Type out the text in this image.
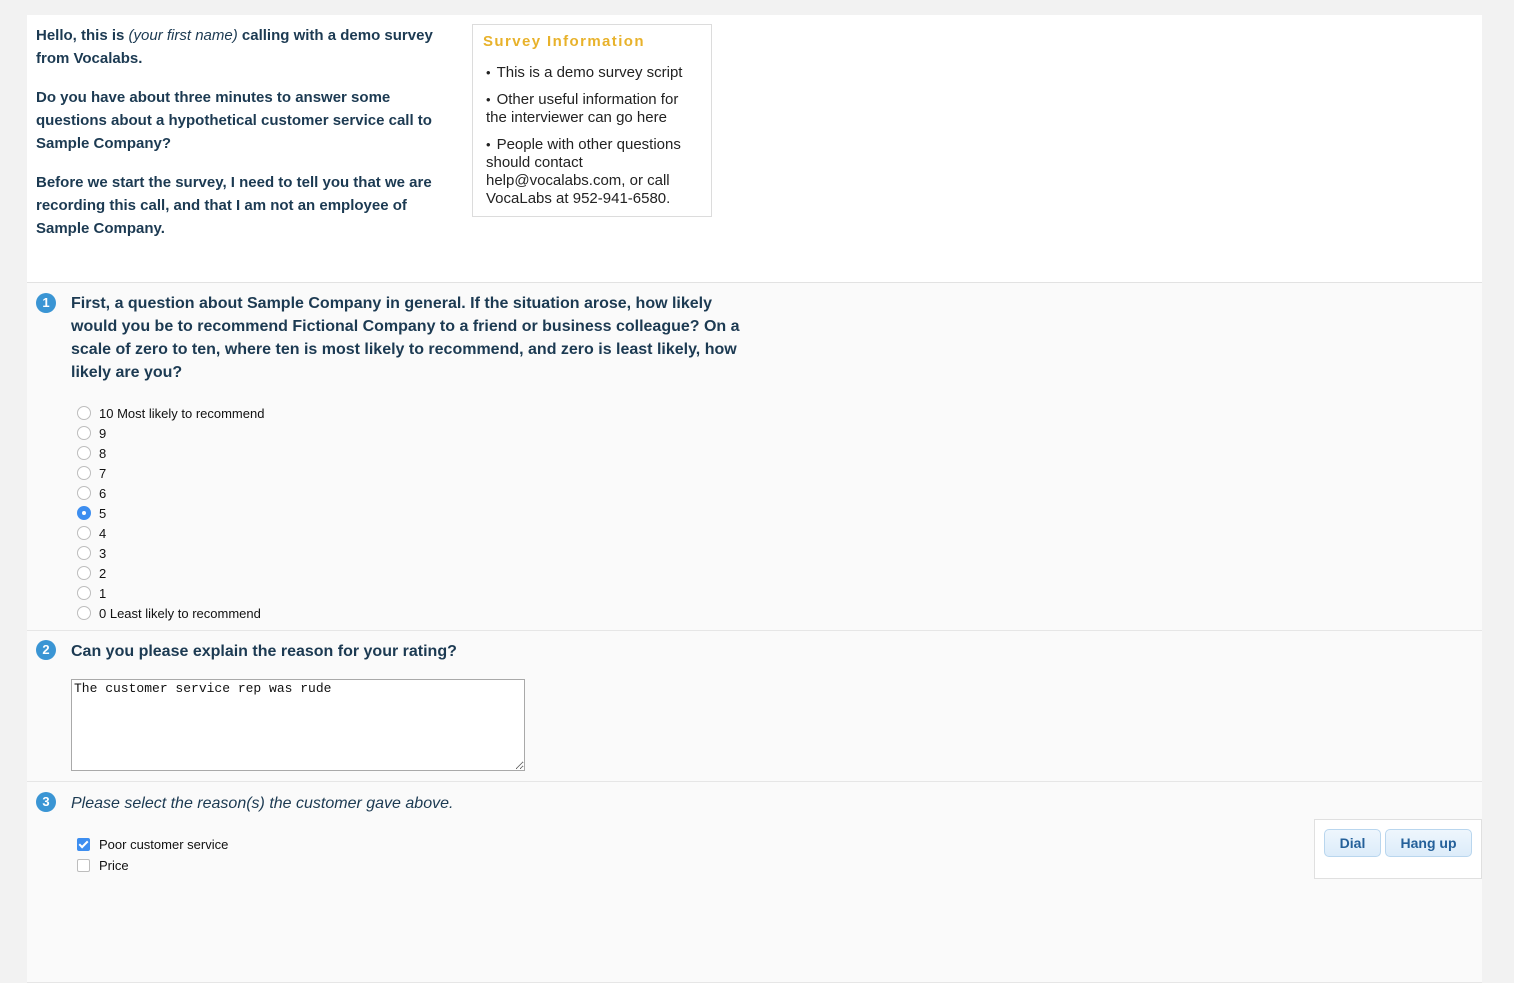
Hello, this is (your first name) calling with a demo survey from Vocalabs.

Do you have about three minutes to answer some questions about a hypothetical customer service call to Sample Company?

Before we start the survey, I need to tell you that we are recording this call, and that I am not an employee of Sample Company.

Survey Information
• This is a demo survey script
• Other useful information for the interviewer can go here
• People with other questions should contact help@vocalabs.com, or call VocaLabs at 952-941-6580.
1	First, a question about Sample Company in general. If the situation arose, how likely would you be to recommend Fictional Company to a friend or business colleague? On a scale of zero to ten, where ten is most likely to recommend, and zero is least likely, how likely are you?
10 Most likely to recommend
9
8
7
6
5
4
3
2
1
0 Least likely to recommend
2	Can you please explain the reason for your rating?
The customer service rep was rude
3	Please select the reason(s) the customer gave above.
Poor customer service
Price
Dial	Hang up
